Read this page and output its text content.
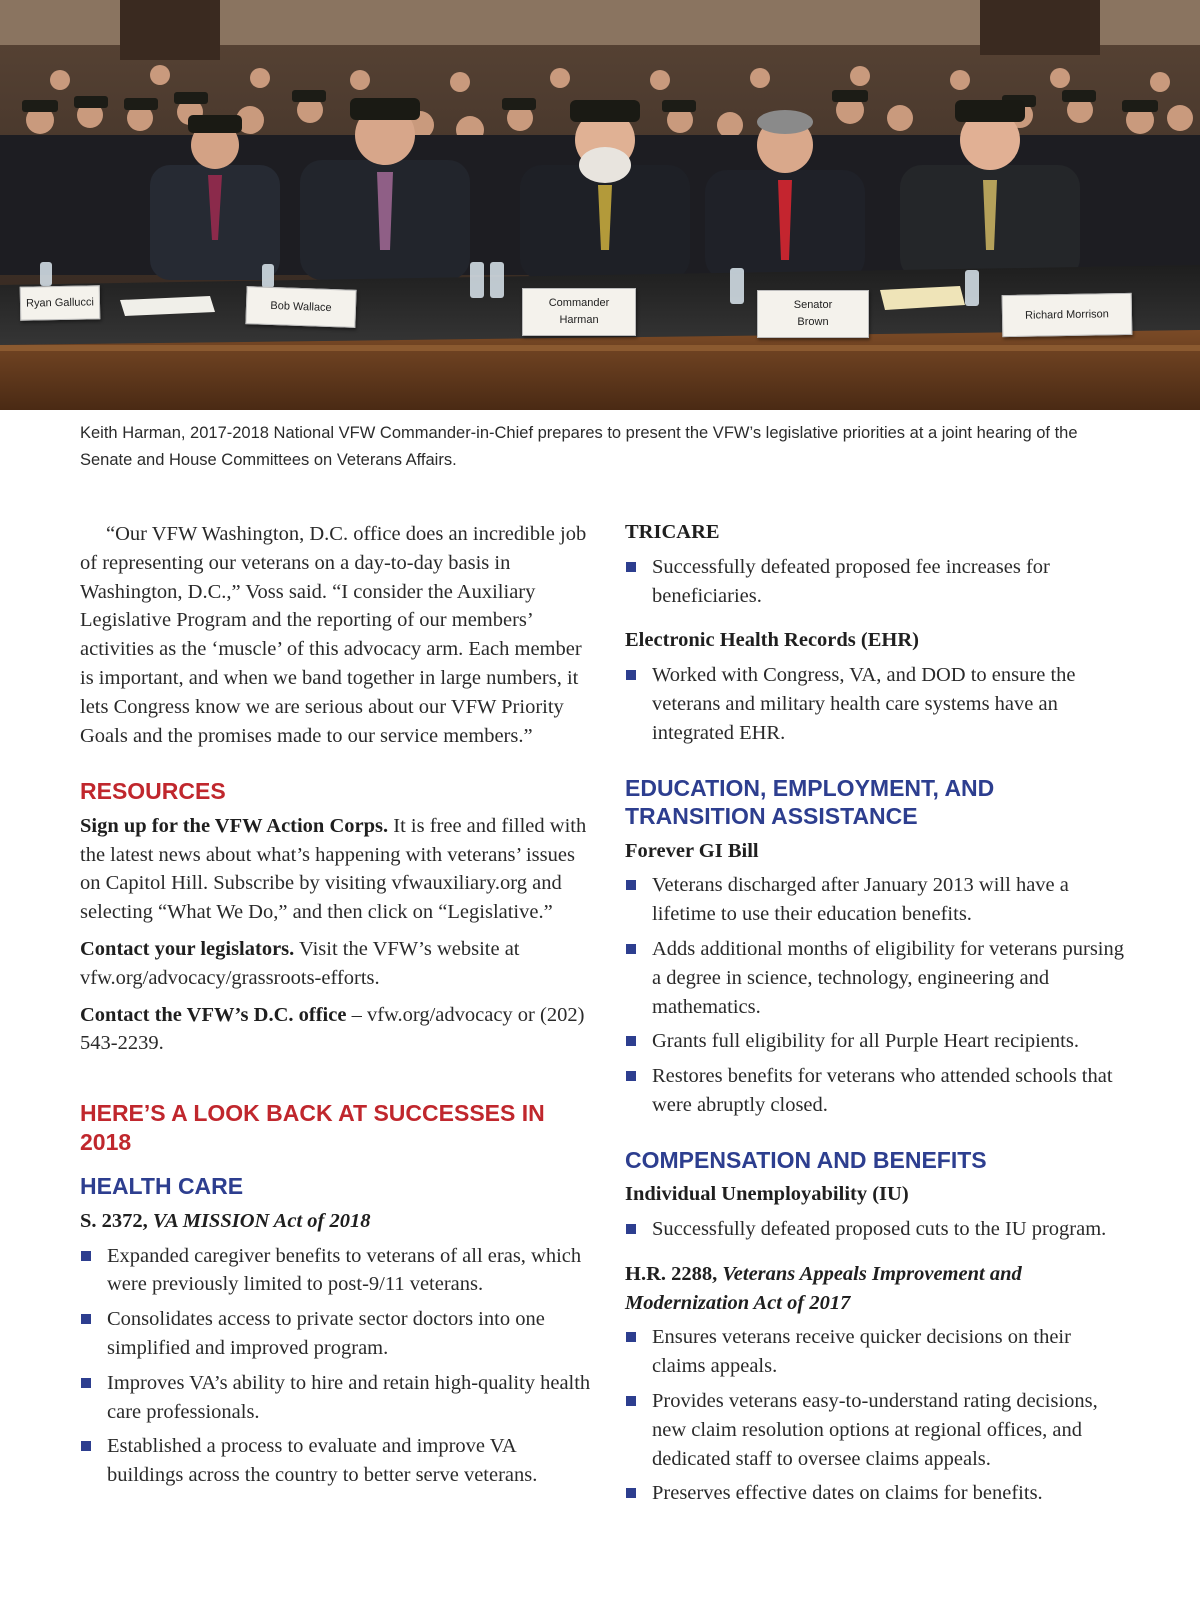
Ryan Gallucci	Bob Wallace	Commander
Harman
Senator
Brown
Richard Morrison
Keith Harman, 2017-2018 National VFW Commander-in-Chief prepares to present the VFW’s legislative priorities at a joint hearing of the Senate and House Committees on Veterans Affairs.

“Our VFW Washington, D.C. office does an incredible job of representing our veterans on a day-to-day basis in Washington, D.C.,” Voss said. “I consider the Auxiliary Legislative Program and the reporting of our members’ activities as the ‘muscle’ of this advocacy arm. Each member is important, and when we band together in large numbers, it lets Congress know we are serious about our VFW Priority Goals and the promises made to our service members.”

RESOURCES

Sign up for the VFW Action Corps. It is free and filled with the latest news about what’s happening with veterans’ issues on Capitol Hill. Subscribe by visiting vfwauxiliary.org and selecting “What We Do,” and then click on “Legislative.”

Contact your legislators. Visit the VFW’s website at vfw.org/advocacy/grassroots-efforts.

Contact the VFW’s D.C. office – vfw.org/advocacy or (202) 543-2239.

HERE’S A LOOK BACK AT SUCCESSES IN 2018
HEALTH CARE
S. 2372, VA MISSION Act of 2018
Expanded caregiver benefits to veterans of all eras, which were previously limited to post-9/11 veterans.
Consolidates access to private sector doctors into one simplified and improved program.
Improves VA’s ability to hire and retain high-quality health care professionals.
Established a process to evaluate and improve VA buildings across the country to better serve veterans.
TRICARE
Successfully defeated proposed fee increases for beneficiaries.
Electronic Health Records (EHR)
Worked with Congress, VA, and DOD to ensure the veterans and military health care systems have an integrated EHR.
EDUCATION, EMPLOYMENT, AND TRANSITION ASSISTANCE
Forever GI Bill
Veterans discharged after January 2013 will have a lifetime to use their education benefits.
Adds additional months of eligibility for veterans pursing a degree in science, technology, engineering and mathematics.
Grants full eligibility for all Purple Heart recipients.
Restores benefits for veterans who attended schools that were abruptly closed.
COMPENSATION AND BENEFITS
Individual Unemployability (IU)
Successfully defeated proposed cuts to the IU program.
H.R. 2288, Veterans Appeals Improvement and Modernization Act of 2017
Ensures veterans receive quicker decisions on their claims appeals.
Provides veterans easy-to-understand rating decisions, new claim resolution options at regional offices, and dedicated staff to oversee claims appeals.
Preserves effective dates on claims for benefits.
